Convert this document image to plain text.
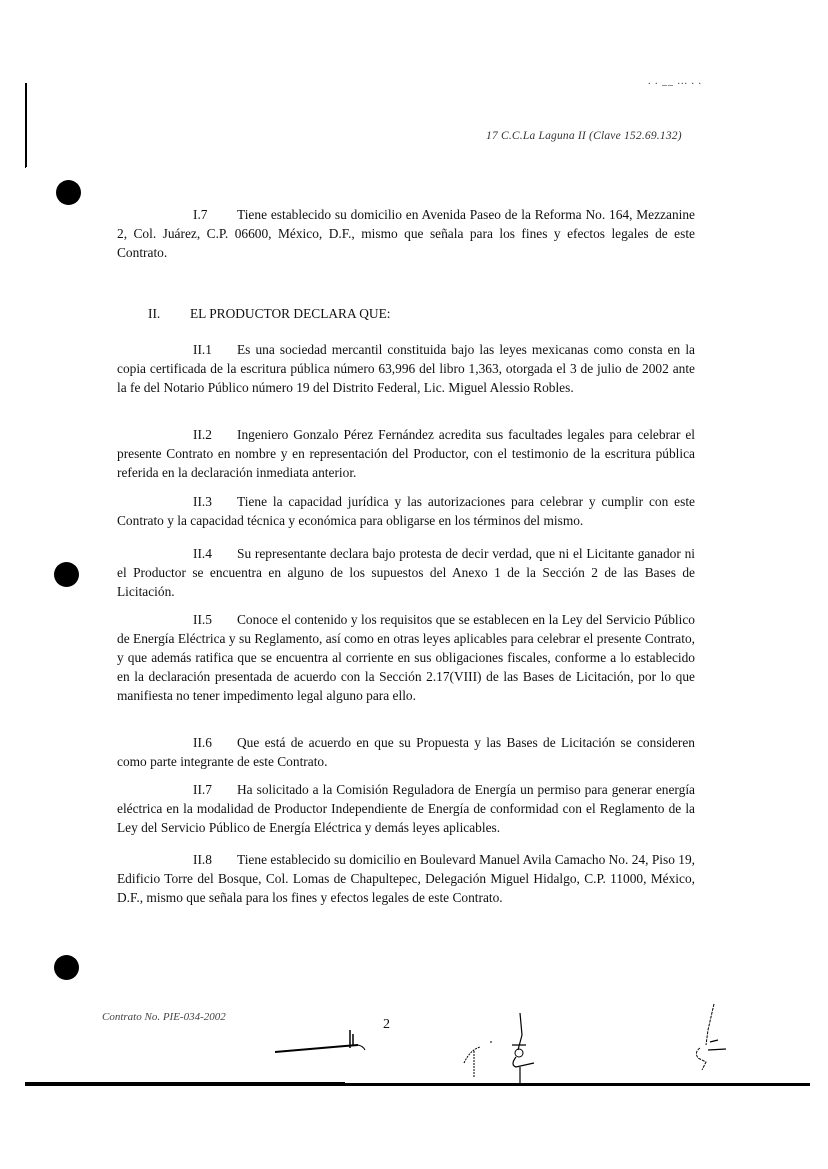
. . __ ... . .
17 C.C.La Laguna II (Clave 152.69.132)
I.7 Tiene establecido su domicilio en Avenida Paseo de la Reforma No. 164, Mezzanine 2, Col. Juárez, C.P. 06600, México, D.F., mismo que señala para los fines y efectos legales de este Contrato.
II. EL PRODUCTOR DECLARA QUE:
II.1 Es una sociedad mercantil constituida bajo las leyes mexicanas como consta en la copia certificada de la escritura pública número 63,996 del libro 1,363, otorgada el 3 de julio de 2002 ante la fe del Notario Público número 19 del Distrito Federal, Lic. Miguel Alessio Robles.
II.2 Ingeniero Gonzalo Pérez Fernández acredita sus facultades legales para celebrar el presente Contrato en nombre y en representación del Productor, con el testimonio de la escritura pública referida en la declaración inmediata anterior.
II.3 Tiene la capacidad jurídica y las autorizaciones para celebrar y cumplir con este Contrato y la capacidad técnica y económica para obligarse en los términos del mismo.
II.4 Su representante declara bajo protesta de decir verdad, que ni el Licitante ganador ni el Productor se encuentra en alguno de los supuestos del Anexo 1 de la Sección 2 de las Bases de Licitación.
II.5 Conoce el contenido y los requisitos que se establecen en la Ley del Servicio Público de Energía Eléctrica y su Reglamento, así como en otras leyes aplicables para celebrar el presente Contrato, y que además ratifica que se encuentra al corriente en sus obligaciones fiscales, conforme a lo establecido en la declaración presentada de acuerdo con la Sección 2.17(VIII) de las Bases de Licitación, por lo que manifiesta no tener impedimento legal alguno para ello.
II.6 Que está de acuerdo en que su Propuesta y las Bases de Licitación se consideren como parte integrante de este Contrato.
II.7 Ha solicitado a la Comisión Reguladora de Energía un permiso para generar energía eléctrica en la modalidad de Productor Independiente de Energía de conformidad con el Reglamento de la Ley del Servicio Público de Energía Eléctrica y demás leyes aplicables.
II.8 Tiene establecido su domicilio en Boulevard Manuel Avila Camacho No. 24, Piso 19, Edificio Torre del Bosque, Col. Lomas de Chapultepec, Delegación Miguel Hidalgo, C.P. 11000, México, D.F., mismo que señala para los fines y efectos legales de este Contrato.
Contrato No. PIE-034-2002	2
